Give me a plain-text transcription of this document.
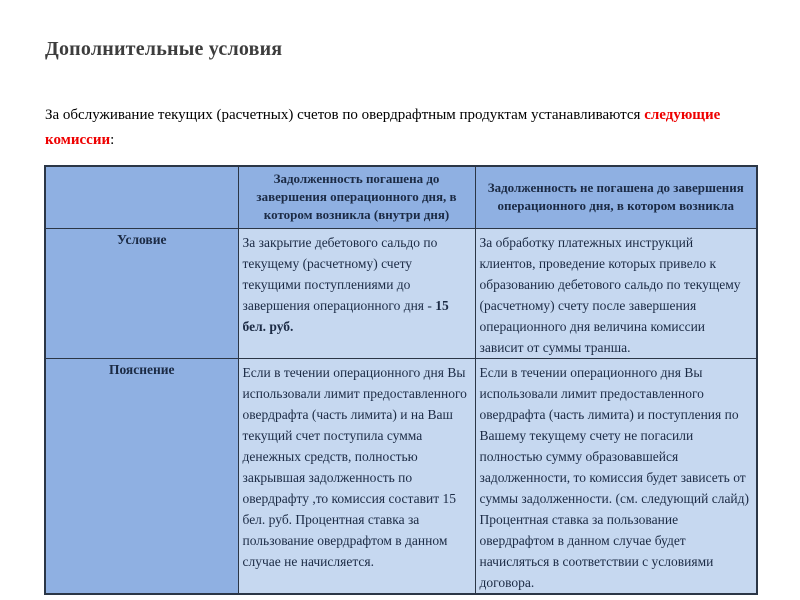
Дополнительные условия
За обслуживание текущих (расчетных) счетов по овердрафтным продуктам устанавливаются следующие комиссии:
	Задолженность погашена до завершения операционного дня, в котором возникла (внутри дня)	Задолженность не погашена до завершения операционного дня, в котором возникла
Условие	За закрытие дебетового сальдо по текущему (расчетному) счету текущими поступлениями до завершения операционного дня - 15 бел. руб.	За обработку платежных инструкций клиентов, проведение которых привело к образованию дебетового сальдо по текущему (расчетному) счету после завершения операционного дня величина комиссии зависит от суммы транша.
Пояснение	Если в течении операционного дня Вы использовали лимит предоставленного овердрафта (часть лимита) и на Ваш текущий счет поступила сумма денежных средств, полностью закрывшая задолженность по овердрафту ,то комиссия составит 15 бел. руб. Процентная ставка за пользование овердрафтом в данном случае не начисляется.	Если в течении операционного дня Вы использовали лимит предоставленного овердрафта (часть лимита) и поступления по Вашему текущему счету не погасили полностью сумму образовавшейся задолженности, то комиссия будет зависеть от суммы задолженности. (см. следующий слайд) Процентная ставка за пользование овердрафтом в данном случае будет начисляться в соответствии с условиями договора.
